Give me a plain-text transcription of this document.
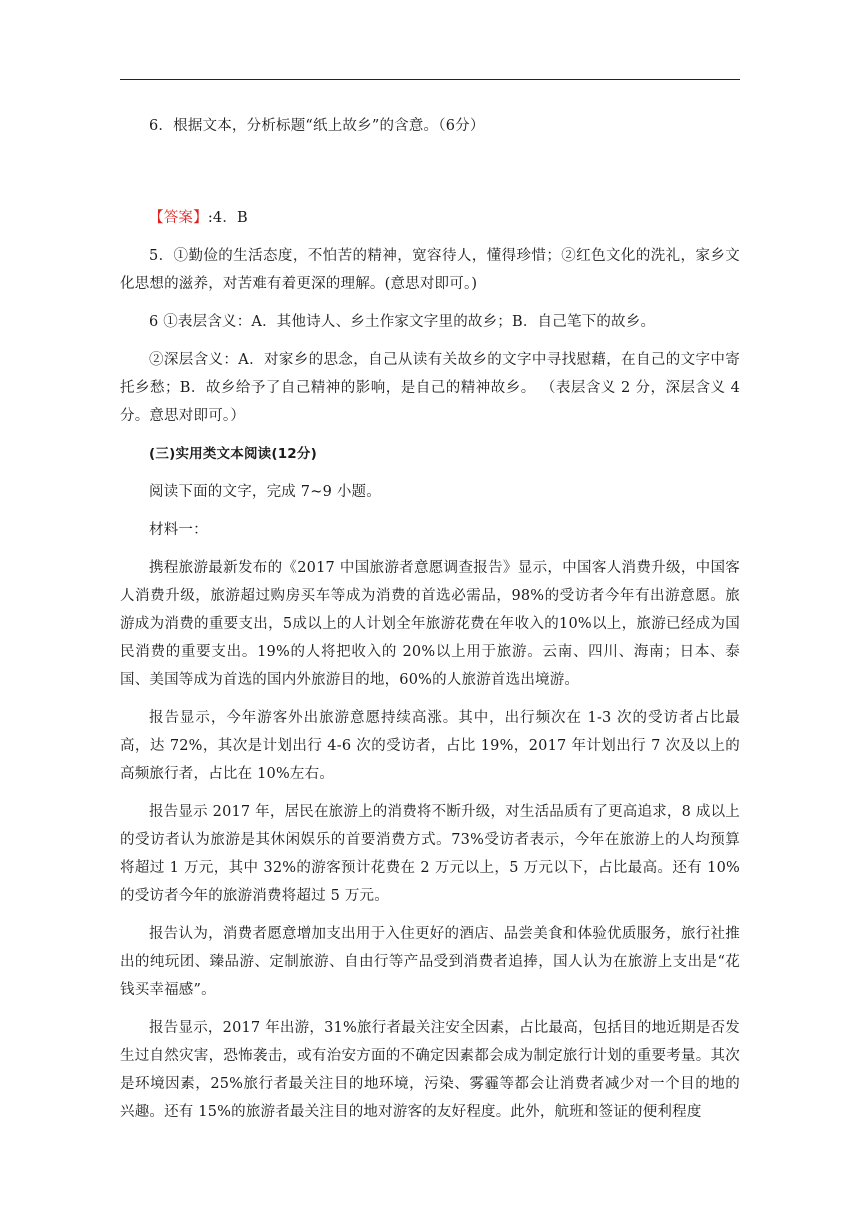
6．根据文本，分析标题“纸上故乡”的含意。（6分）

【答案】:4．B

5．①勤俭的生活态度，不怕苦的精神，宽容待人，懂得珍惜；②红色文化的洗礼，家乡文化思想的滋养，对苦难有着更深的理解。(意思对即可。)

6 ①表层含义：A．其他诗人、乡土作家文字里的故乡；B．自己笔下的故乡。

②深层含义：A．对家乡的思念，自己从读有关故乡的文字中寻找慰藉，在自己的文字中寄托乡愁；B．故乡给予了自己精神的影响，是自己的精神故乡。 （表层含义 2 分，深层含义 4 分。意思对即可。）

(三)实用类文本阅读(12分)

阅读下面的文字，完成 7~9 小题。

材料一：

携程旅游最新发布的《2017 中国旅游者意愿调查报告》显示，中国客人消费升级，中国客人消费升级，旅游超过购房买车等成为消费的首选必需品，98%的受访者今年有出游意愿。旅游成为消费的重要支出，5成以上的人计划全年旅游花费在年收入的10%以上，旅游已经成为国民消费的重要支出。19%的人将把收入的 20%以上用于旅游。云南、四川、海南；日本、泰国、美国等成为首选的国内外旅游目的地，60%的人旅游首选出境游。

报告显示，今年游客外出旅游意愿持续高涨。其中，出行频次在 1-3 次的受访者占比最高，达 72%，其次是计划出行 4-6 次的受访者，占比 19%，2017 年计划出行 7 次及以上的高频旅行者，占比在 10%左右。

报告显示 2017 年，居民在旅游上的消费将不断升级，对生活品质有了更高追求，8 成以上的受访者认为旅游是其休闲娱乐的首要消费方式。73%受访者表示，今年在旅游上的人均预算将超过 1 万元，其中 32%的游客预计花费在 2 万元以上，5 万元以下，占比最高。还有 10%的受访者今年的旅游消费将超过 5 万元。

报告认为，消费者愿意增加支出用于入住更好的酒店、品尝美食和体验优质服务，旅行社推出的纯玩团、臻品游、定制旅游、自由行等产品受到消费者追捧，国人认为在旅游上支出是“花钱买幸福感”。

报告显示，2017 年出游，31%旅行者最关注安全因素，占比最高，包括目的地近期是否发生过自然灾害，恐怖袭击，或有治安方面的不确定因素都会成为制定旅行计划的重要考量。其次是环境因素，25%旅行者最关注目的地环境，污染、雾霾等都会让消费者减少对一个目的地的兴趣。还有 15%的旅游者最关注目的地对游客的友好程度。此外，航班和签证的便利程度
